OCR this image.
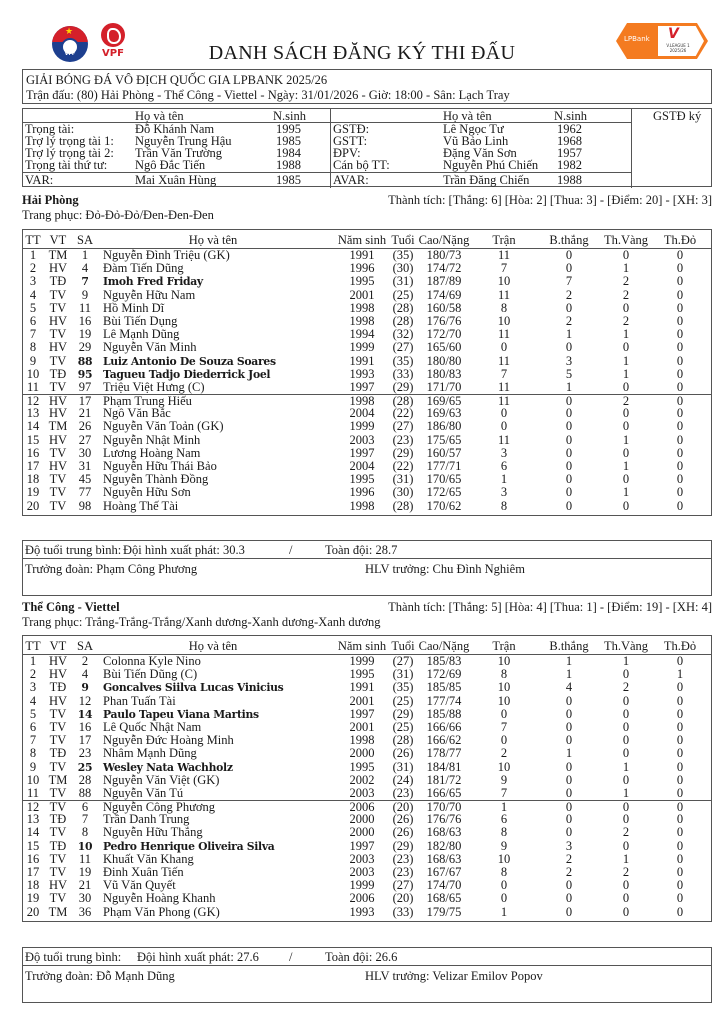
★
VFF	VPF	DANH SÁCH ĐĂNG KÝ THI ĐẤU
LPBank V
V.LEAGUE 1 2025/26
GIẢI BÓNG ĐÁ VÔ ĐỊCH QUỐC GIA LPBANK 2025/26
Trận đấu: (80) Hải Phòng - Thể Công - Viettel - Ngày: 31/01/2026 - Giờ: 18:00 - Sân: Lạch Tray
Họ và tên	N.sinh	Họ và tên	N.sinh	GSTĐ ký
Trọng tài:	Đỗ Khánh Nam	1995
Trợ lý trọng tài 1: Nguyễn Trung Hậu	1985
Trợ lý trọng tài 2: Trần Văn Trường	1984
Trọng tài thứ tư: Ngô Đắc Tiến	1988
VAR:	Mai Xuân Hùng	1985
GSTĐ:	Lê Ngọc Tư	1962
GSTT:	Vũ Bảo Linh	1968
ĐPV:	Đặng Văn Sơn	1957
Cán bộ TT:	Nguyễn Phú Chiến 1982
AVAR:	Trần Đăng Chiến 1988
Hải Phòng	Thành tích: [Thắng: 6] [Hòa: 2] [Thua: 3] - [Điểm: 20] - [XH: 3]
Trang phục: Đỏ-Đỏ-Đỏ/Đen-Đen-Đen
TT VT SA	Họ và tên	Năm sinh Tuổi Cao/Nặng	Trận	B.thắng	Th.Vàng	Th.Đỏ
1	TM	1	Nguyễn Đình Triệu (GK)	1991	(35)	180/73	11	0	0	0
2	HV	4	Đàm Tiến Dũng	1996	(30)	174/72	7	0	1	0
3	TĐ	7	Imoh Fred Friday	1995	(31)	187/89	10	7	2	0
4	TV	9	Nguyễn Hữu Nam	2001	(25)	174/69	11	2	2	0
5	TV	11 Hồ Minh Dĩ	1998	(28)	160/58	8	0	0	0
6	HV 16 Bùi Tiến Dụng	1998	(28)	176/76	10	2	2	0
7	TV 19 Lê Mạnh Dũng	1994	(32)	172/70	11	1	1	0
8	HV 29 Nguyễn Văn Minh	1999	(27)	165/60	0	0	0	0
9	TV	88 Luiz Antonio De Souza Soares	1991	(35)	180/80	11	3	1	0
10 TĐ	95 Tagueu Tadjo Diederrick Joel	1993	(33)	180/83	7	5	1	0
11 TV 97 Triệu Việt Hưng (C)	1997	(29)	171/70	11	1	0	0
12 HV 17 Phạm Trung Hiếu	1998	(28)	169/65	11	0	2	0
13 HV 21 Ngô Văn Bắc	2004	(22)	169/63	0	0	0	0
14 TM 26 Nguyễn Văn Toản (GK)	1999	(27)	186/80	0	0	0	0
15 HV 27 Nguyễn Nhật Minh	2003	(23)	175/65	11	0	1	0
16 TV 30 Lương Hoàng Nam	1997	(29)	160/57	3	0	0	0
17 HV 31 Nguyễn Hữu Thái Bảo	2004	(22)	177/71	6	0	1	0
18 TV 45 Nguyễn Thành Đồng	1995	(31)	170/65	1	0	0	0
19 TV 77 Nguyễn Hữu Sơn	1996	(30)	172/65	3	0	1	0
20 TV 98 Hoàng Thế Tài	1998	(28)	170/62	8	0	0	0
Độ tuổi trung bình: Đội hình xuất phát: 30.3	/	Toàn đội: 28.7
Trưởng đoàn: Phạm Công Phương	HLV trưởng: Chu Đình Nghiêm
Thể Công - Viettel	Thành tích: [Thắng: 5] [Hòa: 4] [Thua: 1] - [Điểm: 19] - [XH: 4]
Trang phục: Trắng-Trắng-Trắng/Xanh dương-Xanh dương-Xanh dương
TT VT SA	Họ và tên	Năm sinh Tuổi Cao/Nặng	Trận	B.thắng	Th.Vàng	Th.Đỏ
1	HV	2	Colonna Kyle Nino	1999	(27)	185/83	10	1	1	0
2	HV	4	Bùi Tiến Dũng (C)	1995	(31)	172/69	8	1	0	1
3	TĐ	9	Goncalves Siilva Lucas Vinicius	1991	(35)	185/85	10	4	2	0
4	HV 12 Phan Tuấn Tài	2001	(25)	177/74	10	0	0	0
5	TV	14 Paulo Tapeu Viana Martins	1997	(29)	185/88	0	0	0	0
6	TV 16 Lê Quốc Nhật Nam	2001	(25)	166/66	7	0	0	0
7	TV 17 Nguyễn Đức Hoàng Minh	1998	(28)	166/62	0	0	0	0
8	TĐ 23 Nhâm Mạnh Dũng	2000	(26)	178/77	2	1	0	0
9	TV	25 Wesley Nata Wachholz	1995	(31)	184/81	10	0	1	0
10 TM 28 Nguyễn Văn Việt (GK)	2002	(24)	181/72	9	0	0	0
11 TV 88 Nguyễn Văn Tú	2003	(23)	166/65	7	0	1	0
12 TV	6	Nguyễn Công Phương	2006	(20)	170/70	1	0	0	0
13 TĐ	7	Trần Danh Trung	2000	(26)	176/76	6	0	0	0
14 TV	8	Nguyễn Hữu Thắng	2000	(26)	168/63	8	0	2	0
15 TĐ	10 Pedro Henrique Oliveira Silva	1997	(29)	182/80	9	3	0	0
16 TV	11 Khuất Văn Khang	2003	(23)	168/63	10	2	1	0
17 TV 19 Đinh Xuân Tiến	2003	(23)	167/67	8	2	2	0
18 HV 21 Vũ Văn Quyết	1999	(27)	174/70	0	0	0	0
19 TV 30 Nguyễn Hoàng Khanh	2006	(20)	168/65	0	0	0	0
20 TM 36 Phạm Văn Phong (GK)	1993	(33)	179/75	1	0	0	0
Độ tuổi trung bình: Đội hình xuất phát: 27.6 /	Toàn đội: 26.6
Trưởng đoàn: Đỗ Mạnh Dũng	HLV trưởng: Velizar Emilov Popov
